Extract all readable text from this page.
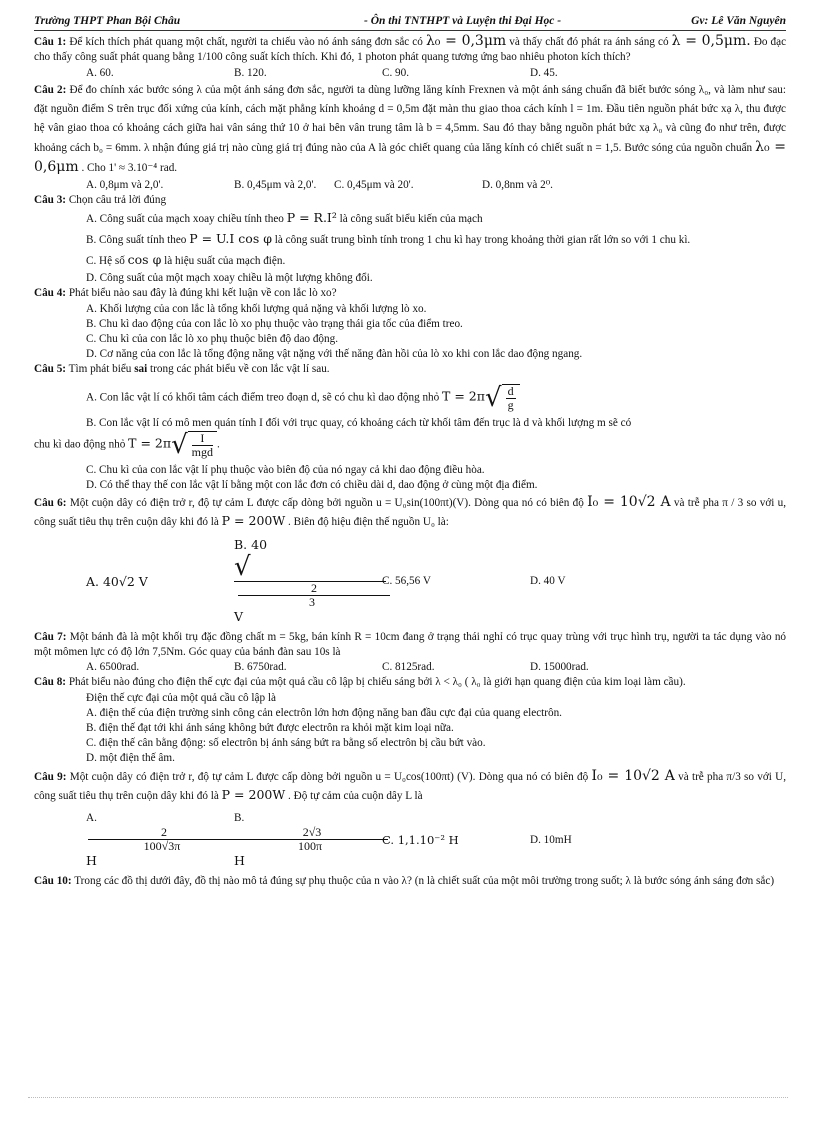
Trường THPT Phan Bội Châu	- Ôn thi TNTHPT và Luyện thi Đại Học -	Gv: Lê Văn Nguyên

Câu 1: Để kích thích phát quang một chất, người ta chiếu vào nó ánh sáng đơn sắc có λ₀ = 0,3μm và thấy chất đó phát ra ánh sáng có λ = 0,5μm. Đo đạc cho thấy công suất phát quang bằng 1/100 công suất kích thích. Khi đó, 1 photon phát quang tương ứng bao nhiêu photon kích thích?

A. 60.	B. 120.	C. 90.	D. 45.

Câu 2: Để đo chính xác bước sóng λ của một ánh sáng đơn sắc, người ta dùng lưỡng lăng kính Frexnen và một ánh sáng chuẩn đã biết bước sóng λ₀, và làm như sau: đặt nguồn điểm S trên trục đối xứng của kính, cách mặt phẳng kính khoảng d = 0,5m đặt màn thu giao thoa cách kính l = 1m. Đầu tiên nguồn phát bức xạ λ, thu được hệ vân giao thoa có khoảng cách giữa hai vân sáng thứ 10 ở hai bên vân trung tâm là b = 4,5mm. Sau đó thay bằng nguồn phát bức xạ λ₀ và cũng đo như trên, được khoảng cách b₀ = 6mm. λ nhận đúng giá trị nào cùng giá trị đúng nào của A là góc chiết quang của lăng kính có chiết suất n = 1,5. Bước sóng của nguồn chuẩn λ₀ = 0,6μm . Cho 1' ≈ 3.10⁻⁴ rad.

A. 0,8μm và 2,0'.	B. 0,45μm và 2,0'.	C. 0,45μm và 20'.	D. 0,8nm và 2⁰.

Câu 3: Chọn câu trả lời đúng

A. Công suất của mạch xoay chiều tính theo P = R.I² là công suất biểu kiến của mạch

B. Công suất tính theo P = U.I cos φ là công suất trung bình tính trong 1 chu kì hay trong khoảng thời gian rất lớn so với 1 chu kì.

C. Hệ số cos φ là hiệu suất của mạch điện.

D. Công suất của một mạch xoay chiều là một lượng không đổi.

Câu 4: Phát biểu nào sau đây là đúng khi kết luận về con lắc lò xo?

A. Khối lượng của con lắc là tổng khối lượng quả nặng và khối lượng lò xo.

B. Chu kì dao động của con lắc lò xo phụ thuộc vào trạng thái gia tốc của điểm treo.

C. Chu kì của con lắc lò xo phụ thuộc biên độ dao động.

D. Cơ năng của con lắc là tổng động năng vật nặng với thế năng đàn hồi của lò xo khi con lắc dao động ngang.

Câu 5: Tìm phát biểu sai trong các phát biểu về con lắc vật lí sau.

A. Con lắc vật lí có khối tâm cách điểm treo đoạn d, sẽ có chu kì dao động nhỏ T = 2π √ $\frac{d}{g}$

B. Con lắc vật lí có mô men quán tính I đối với trục quay, có khoảng cách từ khối tâm đến trục là d và khối lượng m sẽ có

chu kì dao động nhỏ T = 2π √ $\frac{I}{\text{mgd}}$ .

C. Chu kì của con lắc vật lí phụ thuộc vào biên độ của nó ngay cả khi dao động điều hòa.

D. Có thể thay thế con lắc vật lí bằng một con lắc đơn có chiều dài d, dao động ở cùng một địa điểm.

Câu 6: Một cuộn dây có điện trở r, độ tự cảm L được cấp dòng bởi nguồn u = U₀sin(100πt)(V). Dòng qua nó có biên độ I₀ = 10√2 A và trễ pha π / 3 so với u, công suất tiêu thụ trên cuộn dây khi đó là P = 200W . Biên độ hiệu điện thế nguồn U₀ là:

A. 40√2 V
B. $40√\frac{2}{3}$ V
C. 56,56 V	D. 40 V

Câu 7: Một bánh đà là một khối trụ đặc đồng chất m = 5kg, bán kính R = 10cm đang ở trạng thái nghỉ có trục quay trùng với trục hình trụ, người ta tác dụng vào nó một mômen lực có độ lớn 7,5Nm. Góc quay của bánh đàn sau 10s là

A. 6500rad.	B. 6750rad.	C. 8125rad.	D. 15000rad.

Câu 8: Phát biểu nào đúng cho điện thế cực đại của một quả cầu cô lập bị chiếu sáng bởi λ < λ₀ ( λ₀ là giới hạn quang điện của kim loại làm cầu).

Điện thế cực đại của một quả cầu cô lập là

A. điện thế của điện trường sinh công cản electrôn lớn hơn động năng ban đầu cực đại của quang electrôn.

B. điện thế đạt tới khi ánh sáng không bứt được electrôn ra khỏi mặt kim loại nữa.

C. điện thế cân bằng động: số electrôn bị ánh sáng bứt ra bằng số electrôn bị cầu bứt vào.

D. một điện thế âm.

Câu 9: Một cuộn dây có điện trở r, độ tự cảm L được cấp dòng bởi nguồn u = U₀cos(100πt) (V). Dòng qua nó có biên độ I₀ = 10√2 A và trễ pha π/3 so với U, công suất tiêu thụ trên cuộn dây khi đó là P = 200W . Độ tự cảm của cuộn dây L là

A. $\frac{2}{100√3\pi}H$
B. $\frac{2√3}{100\pi}H$
C. 1,1.10⁻² H	D. 10mH

Câu 10: Trong các đồ thị dưới đây, đồ thị nào mô tả đúng sự phụ thuộc của n vào λ? (n là chiết suất của một môi trường trong suốt; λ là bước sóng ánh sáng đơn sắc)
